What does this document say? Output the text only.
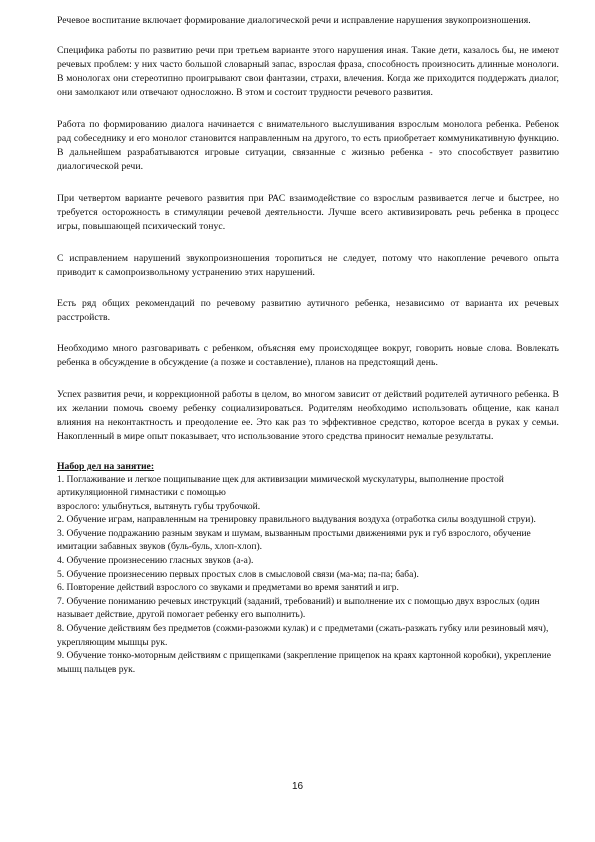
Речевое воспитание включает формирование диалогической речи и исправление нарушения звукопроизношения.

Специфика работы по развитию речи при третьем варианте этого нарушения иная. Такие дети, казалось бы, не имеют речевых проблем: у них часто большой словарный запас, взрослая фраза, способность произносить длинные монологи. В монологах они стереотипно проигрывают свои фантазии, страхи, влечения. Когда же приходится поддержать диалог, они замолкают или отвечают односложно. В этом и состоит трудности речевого развития.

Работа по формированию диалога начинается с внимательного выслушивания взрослым монолога ребенка. Ребенок рад собеседнику и его монолог становится направленным на другого, то есть приобретает коммуникативную функцию. В дальнейшем разрабатываются игровые ситуации, связанные с жизнью ребенка - это способствует развитию диалогической речи.

При четвертом варианте речевого развития при РАС взаимодействие со взрослым развивается легче и быстрее, но требуется осторожность в стимуляции речевой деятельности. Лучше всего активизировать речь ребенка в процесс игры, повышающей психический тонус.

С исправлением нарушений звукопроизношения торопиться не следует, потому что накопление речевого опыта приводит к самопроизвольному устранению этих нарушений.

Есть ряд общих рекомендаций по речевому развитию аутичного ребенка, независимо от варианта их речевых расстройств.

Необходимо много разговаривать с ребенком, объясняя ему происходящее вокруг, говорить новые слова. Вовлекать ребенка в обсуждение в обсуждение (а позже и составление), планов на предстоящий день.

Успех развития речи, и коррекционной работы в целом, во многом зависит от действий родителей аутичного ребенка. В их желании помочь своему ребенку социализироваться. Родителям необходимо использовать общение, как канал влияния на неконтактность и преодоление ее. Это как раз то эффективное средство, которое всегда в руках у семьи. Накопленный в мире опыт показывает, что использование этого средства приносит немалые результаты.

Набор дел на занятие:
1. Поглаживание и легкое пощипывание щек для активизации мимической мускулатуры, выполнение простой артикуляционной гимнастики с помощью
взрослого: улыбнуться, вытянуть губы трубочкой.
2. Обучение играм, направленным на тренировку правильного выдувания воздуха (отработка силы воздушной струи).
3. Обучение подражанию разным звукам и шумам, вызванным простыми движениями рук и губ взрослого, обучение имитации забавных звуков (буль-буль, хлоп-хлоп).
4. Обучение произнесению гласных звуков (а-а).
5. Обучение произнесению первых простых слов в смысловой связи (ма-ма; па-па; баба).
6. Повторение действий взрослого со звуками и предметами во время занятий и игр.
7. Обучение пониманию речевых инструкций (заданий, требований) и выполнение их с помощью двух взрослых (один называет действие, другой помогает ребенку его выполнить).
8. Обучение действиям без предметов (сожми-разожми кулак) и с предметами (сжать-разжать губку или резиновый мяч), укрепляющим мышцы рук.
9. Обучение тонко-моторным действиям с прищепками (закрепление прищепок на краях картонной коробки), укрепление мышц пальцев рук.
16
